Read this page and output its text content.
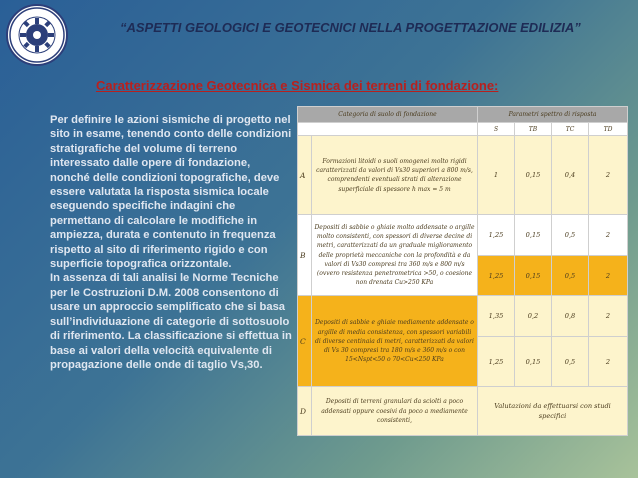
“ASPETTI GEOLOGICI E GEOTECNICI NELLA PROGETTAZIONE EDILIZIA”
Caratterizzazione Geotecnica e Sismica dei terreni di fondazione:

Per definire le azioni sismiche di progetto nel sito in esame, tenendo conto delle condizioni stratigrafiche del volume di terreno interessato dalle opere di fondazione, nonché delle condizioni topografiche, deve essere valutata la risposta sismica locale eseguendo specifiche indagini che permettano di calcolare le modifiche in ampiezza, durata e contenuto in frequenza rispetto al sito di riferimento rigido e con superficie topografica orizzontale.

In assenza di tali analisi le Norme Tecniche per le Costruzioni D.M. 2008 consentono di usare un approccio semplificato che si basa sull’individuazione di categorie di sottosuolo di riferimento. La classificazione si effettua in base ai valori della velocità equivalente di propagazione delle onde di taglio Vs,30.

Categoria di suolo di fondazione		Parametri spettro di risposta			
		S	TB	TC	TD
A	Formazioni litoidi o suoli omogenei molto rigidi caratterizzati da valori di Vs30 superiori a 800 m/s, comprendenti eventuali strati di alterazione superficiale di spessore h max = 5 m	1	0,15	0,4	2
B	Depositi di sabbie o ghiaie molto addensate o argille molto consistenti, con spessori di diverse decine di metri, caratterizzati da un graduale miglioramento delle proprietà meccaniche con la profondità e da valori di Vs30 compresi tra 360 m/s e 800 m/s (ovvero resistenza penetrometrica >50, o coesione non drenata Cu>250 KPa	1,25	0,15	0,5	2
		1,25	0,15	0,5	2
C	Depositi di sabbie e ghiaie mediamente addensate o argille di media consistenza, con spessori variabili di diverse centinaia di metri, caratterizzati da valori di Vs 30 compresi tra 180 m/s e 360 m/s o con 15<Nspt<50 o 70<Cu<250 KPa	1,35	0,2	0,8	2
		1,25	0,15	0,5	2
D	Depositi di terreni granulari da sciolti a poco addensati oppure coesivi da poco a mediamente consistenti,	Valutazioni da effettuarsi con studi specifici			
